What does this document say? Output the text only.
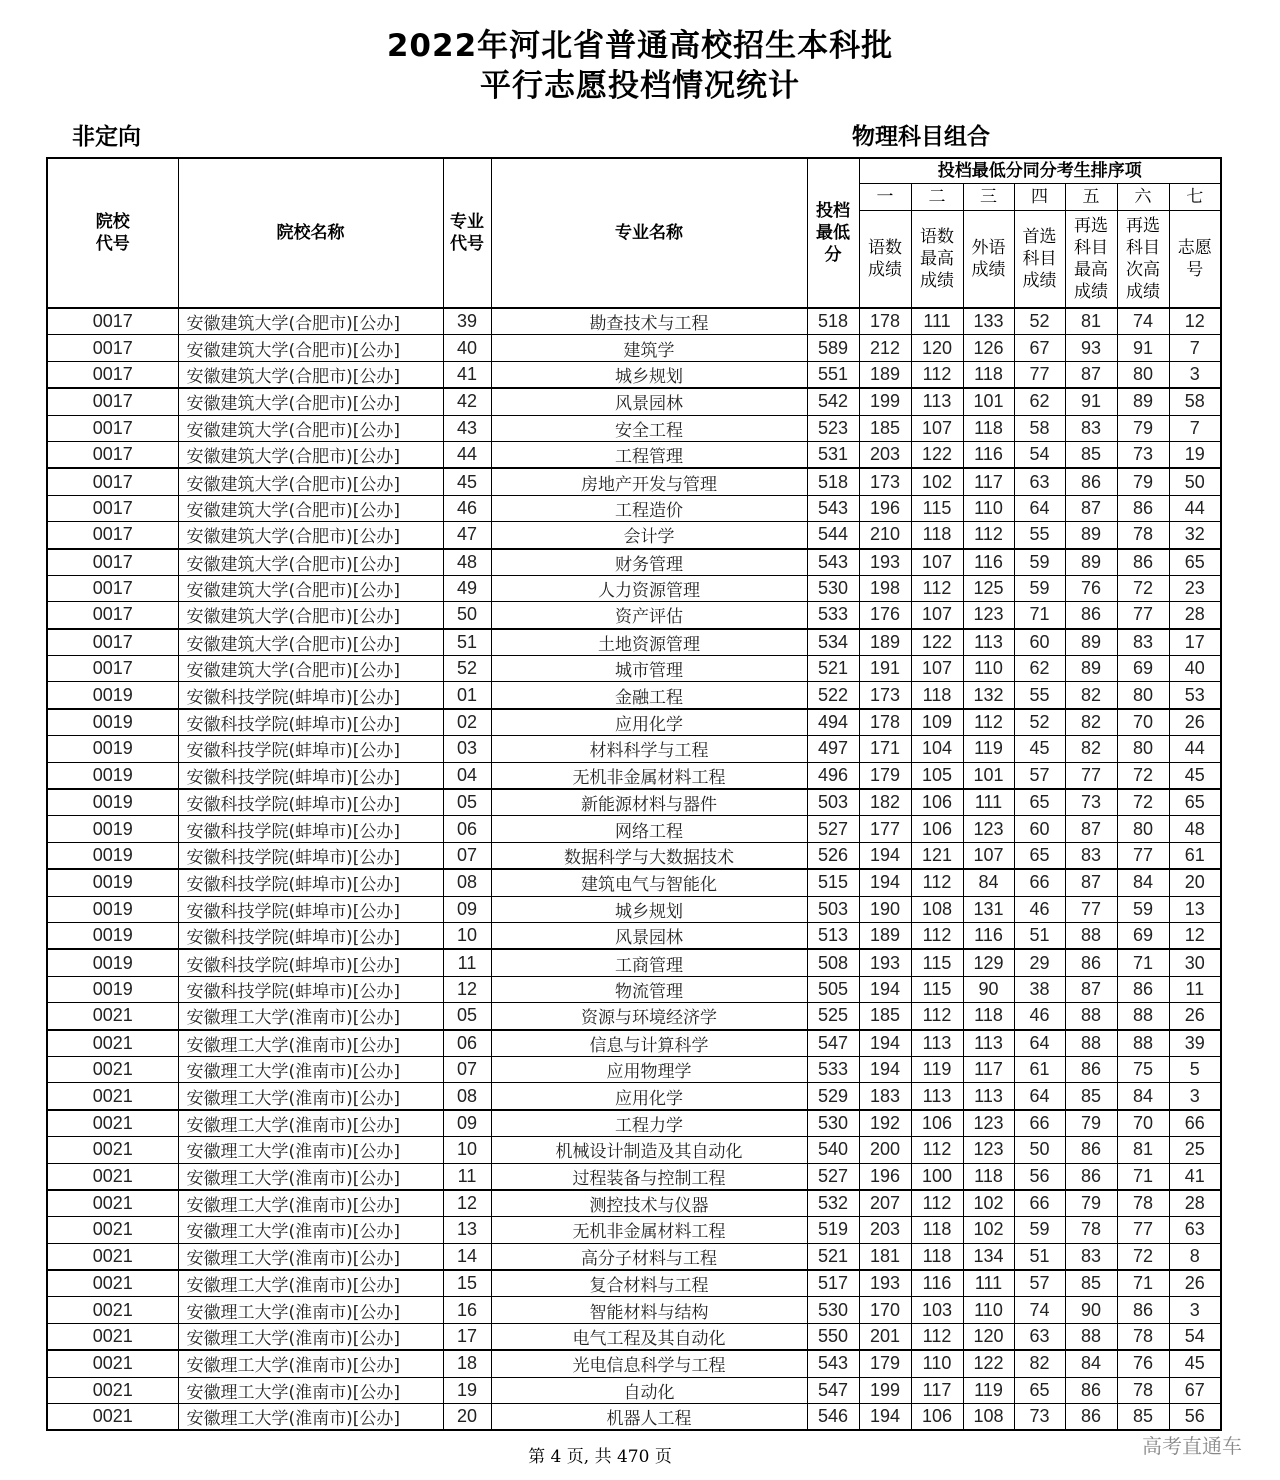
2022年河北省普通高校招生本科批
平行志愿投档情况统计
非定向	物理科目组合
院校代号	院校名称	专业代号	专业名称	投档最低分	投档最低分同分考生排序项						
					一	二	三	四	五	六	七

					语数成绩	语数最高成绩	外语成绩	首选科目成绩	再选科目最高成绩	再选科目次高成绩	志愿号

0017	安徽建筑大学(合肥市)[公办]	39	勘查技术与工程	518	178	111	133	52	81	74	12
0017	安徽建筑大学(合肥市)[公办]	40	建筑学	589	212	120	126	67	93	91	7
0017	安徽建筑大学(合肥市)[公办]	41	城乡规划	551	189	112	118	77	87	80	3
0017	安徽建筑大学(合肥市)[公办]	42	风景园林	542	199	113	101	62	91	89	58
0017	安徽建筑大学(合肥市)[公办]	43	安全工程	523	185	107	118	58	83	79	7
0017	安徽建筑大学(合肥市)[公办]	44	工程管理	531	203	122	116	54	85	73	19
0017	安徽建筑大学(合肥市)[公办]	45	房地产开发与管理	518	173	102	117	63	86	79	50
0017	安徽建筑大学(合肥市)[公办]	46	工程造价	543	196	115	110	64	87	86	44
0017	安徽建筑大学(合肥市)[公办]	47	会计学	544	210	118	112	55	89	78	32
0017	安徽建筑大学(合肥市)[公办]	48	财务管理	543	193	107	116	59	89	86	65
0017	安徽建筑大学(合肥市)[公办]	49	人力资源管理	530	198	112	125	59	76	72	23
0017	安徽建筑大学(合肥市)[公办]	50	资产评估	533	176	107	123	71	86	77	28
0017	安徽建筑大学(合肥市)[公办]	51	土地资源管理	534	189	122	113	60	89	83	17
0017	安徽建筑大学(合肥市)[公办]	52	城市管理	521	191	107	110	62	89	69	40
0019	安徽科技学院(蚌埠市)[公办]	01	金融工程	522	173	118	132	55	82	80	53
0019	安徽科技学院(蚌埠市)[公办]	02	应用化学	494	178	109	112	52	82	70	26
0019	安徽科技学院(蚌埠市)[公办]	03	材料科学与工程	497	171	104	119	45	82	80	44
0019	安徽科技学院(蚌埠市)[公办]	04	无机非金属材料工程	496	179	105	101	57	77	72	45
0019	安徽科技学院(蚌埠市)[公办]	05	新能源材料与器件	503	182	106	111	65	73	72	65
0019	安徽科技学院(蚌埠市)[公办]	06	网络工程	527	177	106	123	60	87	80	48
0019	安徽科技学院(蚌埠市)[公办]	07	数据科学与大数据技术	526	194	121	107	65	83	77	61
0019	安徽科技学院(蚌埠市)[公办]	08	建筑电气与智能化	515	194	112	84	66	87	84	20
0019	安徽科技学院(蚌埠市)[公办]	09	城乡规划	503	190	108	131	46	77	59	13
0019	安徽科技学院(蚌埠市)[公办]	10	风景园林	513	189	112	116	51	88	69	12
0019	安徽科技学院(蚌埠市)[公办]	11	工商管理	508	193	115	129	29	86	71	30
0019	安徽科技学院(蚌埠市)[公办]	12	物流管理	505	194	115	90	38	87	86	11
0021	安徽理工大学(淮南市)[公办]	05	资源与环境经济学	525	185	112	118	46	88	88	26
0021	安徽理工大学(淮南市)[公办]	06	信息与计算科学	547	194	113	113	64	88	88	39
0021	安徽理工大学(淮南市)[公办]	07	应用物理学	533	194	119	117	61	86	75	5
0021	安徽理工大学(淮南市)[公办]	08	应用化学	529	183	113	113	64	85	84	3
0021	安徽理工大学(淮南市)[公办]	09	工程力学	530	192	106	123	66	79	70	66
0021	安徽理工大学(淮南市)[公办]	10	机械设计制造及其自动化	540	200	112	123	50	86	81	25
0021	安徽理工大学(淮南市)[公办]	11	过程装备与控制工程	527	196	100	118	56	86	71	41
0021	安徽理工大学(淮南市)[公办]	12	测控技术与仪器	532	207	112	102	66	79	78	28
0021	安徽理工大学(淮南市)[公办]	13	无机非金属材料工程	519	203	118	102	59	78	77	63
0021	安徽理工大学(淮南市)[公办]	14	高分子材料与工程	521	181	118	134	51	83	72	8
0021	安徽理工大学(淮南市)[公办]	15	复合材料与工程	517	193	116	111	57	85	71	26
0021	安徽理工大学(淮南市)[公办]	16	智能材料与结构	530	170	103	110	74	90	86	3
0021	安徽理工大学(淮南市)[公办]	17	电气工程及其自动化	550	201	112	120	63	88	78	54
0021	安徽理工大学(淮南市)[公办]	18	光电信息科学与工程	543	179	110	122	82	84	76	45
0021	安徽理工大学(淮南市)[公办]	19	自动化	547	199	117	119	65	86	78	67
0021	安徽理工大学(淮南市)[公办]	20	机器人工程	546	194	106	108	73	86	85	56
第 4 页, 共 470 页	高考直通车
